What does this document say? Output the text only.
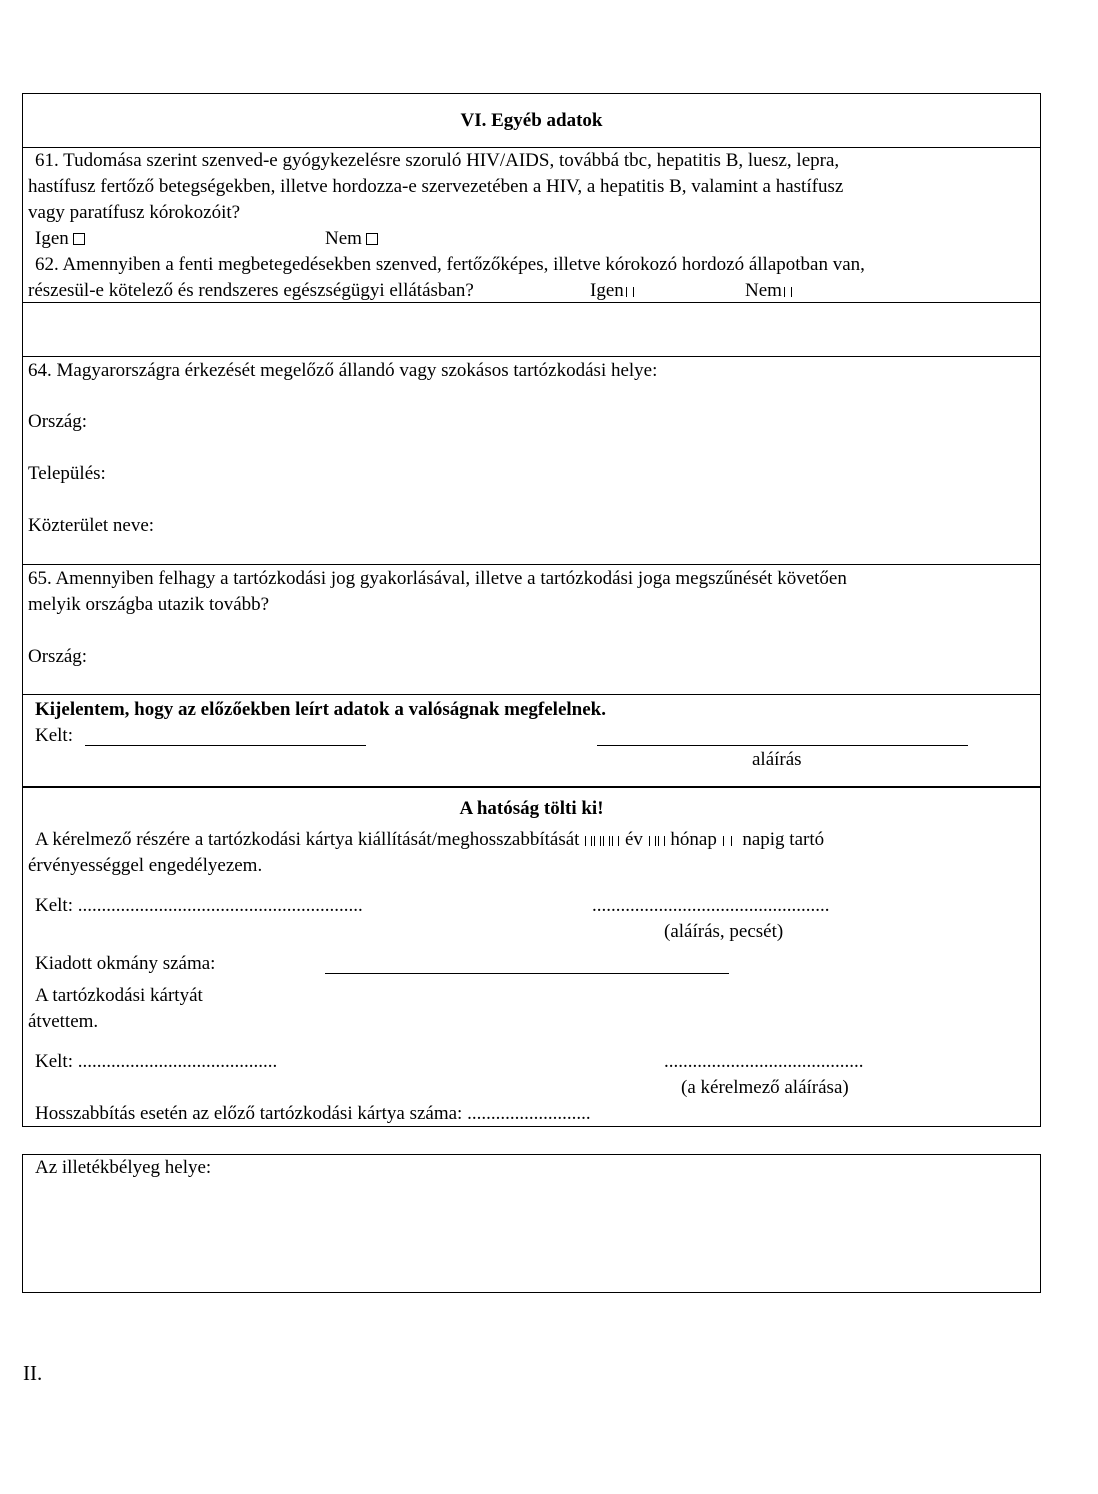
VI. Egyéb adatok
61. Tudomása szerint szenved-e gyógykezelésre szoruló HIV/AIDS, továbbá tbc, hepatitis B, luesz, lepra,
hastífusz fertőző betegségekben, illetve hordozza-e szervezetében a HIV, a hepatitis B, valamint a hastífusz
vagy paratífusz kórokozóit?
Igen	Nem
62. Amennyiben a fenti megbetegedésekben szenved, fertőzőképes, illetve kórokozó hordozó állapotban van,
részesül-e kötelező és rendszeres egészségügyi ellátásban?	Igen	Nem
64. Magyarországra érkezését megelőző állandó vagy szokásos tartózkodási helye:
Ország:
Település:
Közterület neve:
65. Amennyiben felhagy a tartózkodási jog gyakorlásával, illetve a tartózkodási joga megszűnését követően
melyik országba utazik tovább?
Ország:
Kijelentem, hogy az előzőekben leírt adatok a valóságnak megfelelnek.
Kelt:
aláírás
A hatóság tölti ki!
A kérelmező részére a tartózkodási kártya kiállítását/meghosszabbítását év hónap napig tartó
érvényességgel engedélyezem.
Kelt: ............................................................	..................................................
(aláírás, pecsét)
Kiadott okmány száma:
A tartózkodási kártyát
átvettem.
Kelt: ..........................................	..........................................
(a kérelmező aláírása)
Hosszabbítás esetén az előző tartózkodási kártya száma: ..........................
Az illetékbélyeg helye:
II.
